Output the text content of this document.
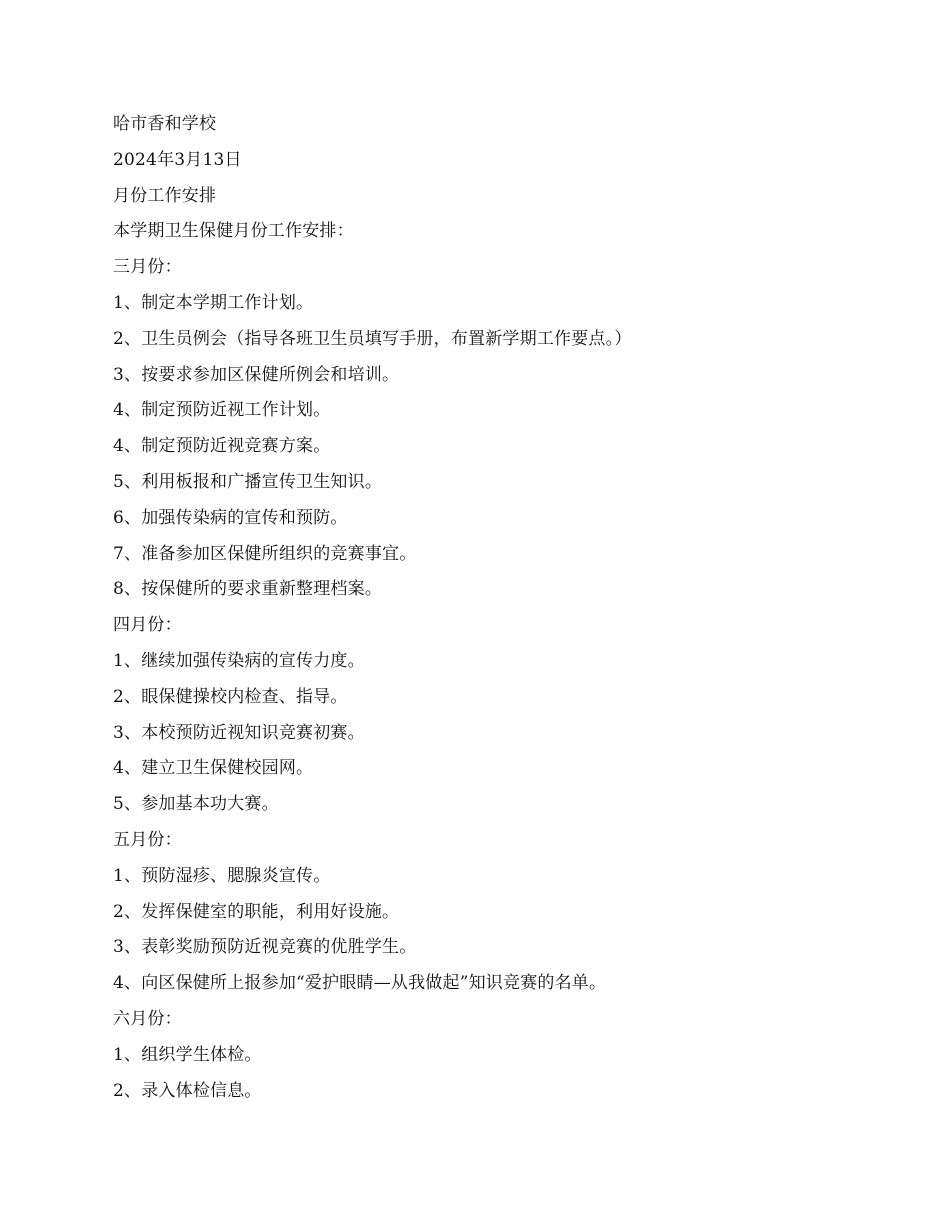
哈市香和学校
2024年3月13日
月份工作安排
本学期卫生保健月份工作安排：
三月份：
1、制定本学期工作计划。
2、卫生员例会（指导各班卫生员填写手册，布置新学期工作要点。）
3、按要求参加区保健所例会和培训。
4、制定预防近视工作计划。
4、制定预防近视竞赛方案。
5、利用板报和广播宣传卫生知识。
6、加强传染病的宣传和预防。
7、准备参加区保健所组织的竞赛事宜。
8、按保健所的要求重新整理档案。
四月份：
1、继续加强传染病的宣传力度。
2、眼保健操校内检查、指导。
3、本校预防近视知识竞赛初赛。
4、建立卫生保健校园网。
5、参加基本功大赛。
五月份：
1、预防湿疹、腮腺炎宣传。
2、发挥保健室的职能，利用好设施。
3、表彰奖励预防近视竞赛的优胜学生。
4、向区保健所上报参加“爱护眼睛—从我做起”知识竞赛的名单。
六月份：
1、组织学生体检。
2、录入体检信息。
